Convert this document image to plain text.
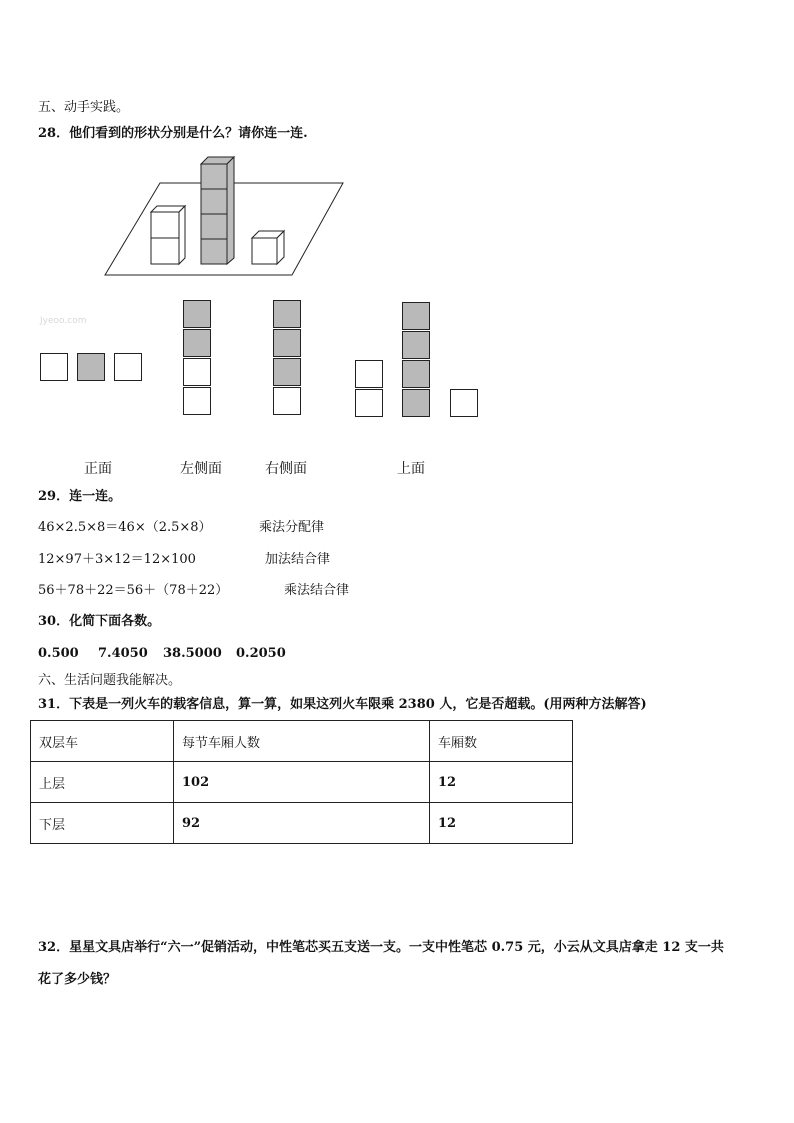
五、动手实践。
28．他们看到的形状分别是什么？请你连一连.
Jyeoo.com
正面	左侧面	右侧面	上面
29．连一连。
46×2.5×8＝46×（2.5×8）
12×97＋3×12＝12×100
56＋78＋22＝56＋（78＋22）
乘法分配律
加法结合律
乘法结合律
30．化简下面各数。
0.500 7.4050 38.5000 0.2050
六、生活问题我能解决。
31．下表是一列火车的载客信息，算一算，如果这列火车限乘 2380 人，它是否超载。(用两种方法解答)
双层车	每节车厢人数	车厢数
上层	102	12
下层	92	12
32．星星文具店举行“六一”促销活动，中性笔芯买五支送一支。一支中性笔芯 0.75 元，小云从文具店拿走 12 支一共
花了多少钱？
